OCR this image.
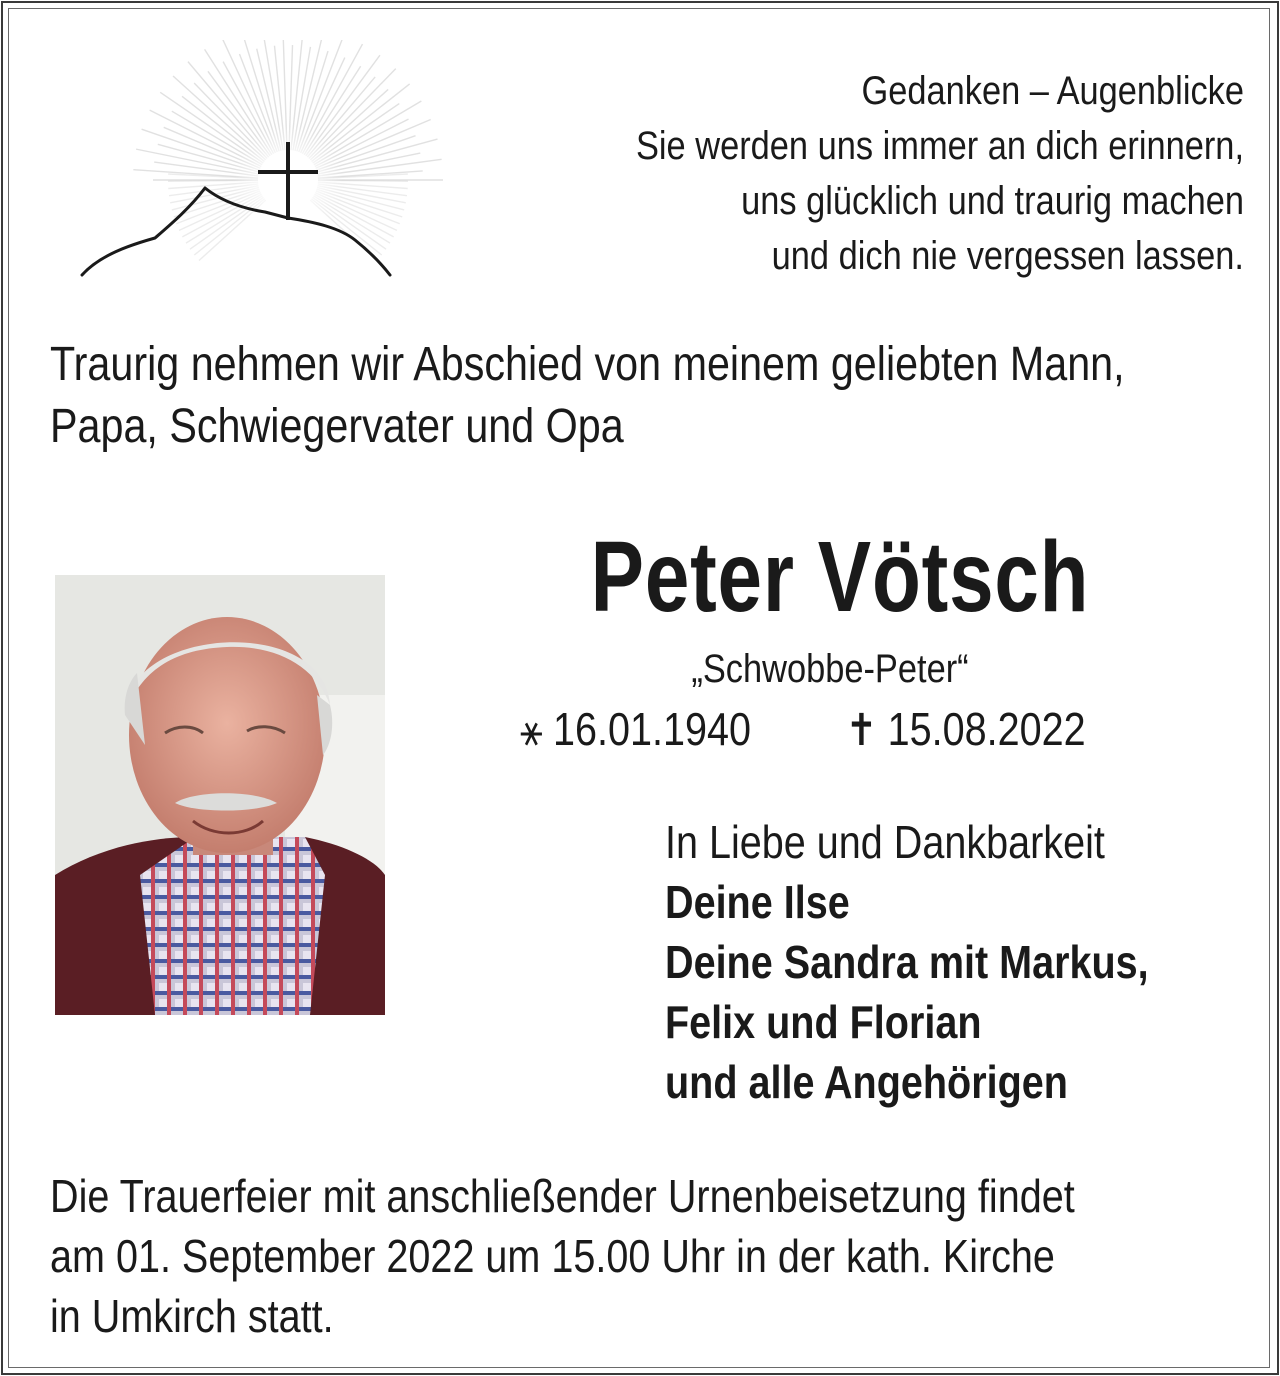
Gedanken – Augenblicke
Sie werden uns immer an dich erinnern,
uns glücklich und traurig machen
und dich nie vergessen lassen.
Traurig nehmen wir Abschied von meinem geliebten Mann,
Papa, Schwiegervater und Opa
Peter Vötsch
„Schwobbe-Peter“
⚹ 16.01.1940 ✝ 15.08.2022
In Liebe und Dankbarkeit
Deine Ilse
Deine Sandra mit Markus,
Felix und Florian
und alle Angehörigen
Die Trauerfeier mit anschließender Urnenbeisetzung findet
am 01. September 2022 um 15.00 Uhr in der kath. Kirche
in Umkirch statt.
